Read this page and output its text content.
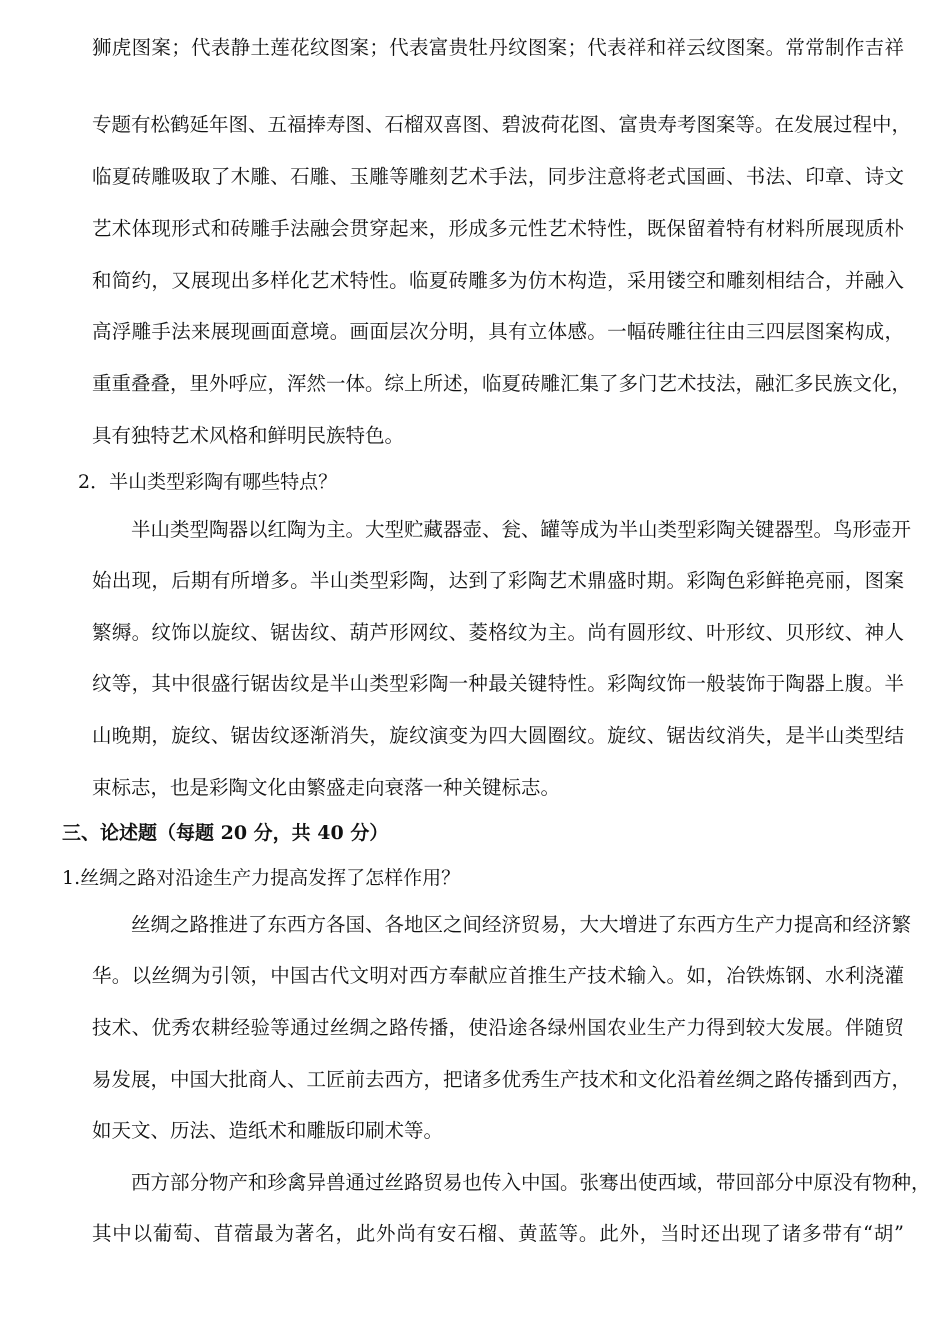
狮虎图案；代表静土莲花纹图案；代表富贵牡丹纹图案；代表祥和祥云纹图案。常常制作吉祥
专题有松鹤延年图、五福捧寿图、石榴双喜图、碧波荷花图、富贵寿考图案等。在发展过程中，
临夏砖雕吸取了木雕、石雕、玉雕等雕刻艺术手法，同步注意将老式国画、书法、印章、诗文
艺术体现形式和砖雕手法融会贯穿起来，形成多元性艺术特性，既保留着特有材料所展现质朴
和简约，又展现出多样化艺术特性。临夏砖雕多为仿木构造，采用镂空和雕刻相结合，并融入
高浮雕手法来展现画面意境。画面层次分明，具有立体感。一幅砖雕往往由三四层图案构成，
重重叠叠，里外呼应，浑然一体。综上所述，临夏砖雕汇集了多门艺术技法，融汇多民族文化，
具有独特艺术风格和鲜明民族特色。
2．半山类型彩陶有哪些特点？
　　半山类型陶器以红陶为主。大型贮藏器壶、瓮、罐等成为半山类型彩陶关键器型。鸟形壶开
始出现，后期有所增多。半山类型彩陶，达到了彩陶艺术鼎盛时期。彩陶色彩鲜艳亮丽，图案
繁缛。纹饰以旋纹、锯齿纹、葫芦形网纹、菱格纹为主。尚有圆形纹、叶形纹、贝形纹、神人
纹等，其中很盛行锯齿纹是半山类型彩陶一种最关键特性。彩陶纹饰一般装饰于陶器上腹。半
山晚期，旋纹、锯齿纹逐渐消失，旋纹演变为四大圆圈纹。旋纹、锯齿纹消失，是半山类型结
束标志，也是彩陶文化由繁盛走向衰落一种关键标志。
三、论述题（每题 20 分，共 40 分）
1.丝绸之路对沿途生产力提高发挥了怎样作用？
　　丝绸之路推进了东西方各国、各地区之间经济贸易，大大增进了东西方生产力提高和经济繁
华。以丝绸为引领，中国古代文明对西方奉献应首推生产技术输入。如，冶铁炼钢、水利浇灌
技术、优秀农耕经验等通过丝绸之路传播，使沿途各绿州国农业生产力得到较大发展。伴随贸
易发展，中国大批商人、工匠前去西方，把诸多优秀生产技术和文化沿着丝绸之路传播到西方，
如天文、历法、造纸术和雕版印刷术等。
　　西方部分物产和珍禽异兽通过丝路贸易也传入中国。张骞出使西域，带回部分中原没有物种，
其中以葡萄、苜蓿最为著名，此外尚有安石榴、黄蓝等。此外，当时还出现了诸多带有“胡”
